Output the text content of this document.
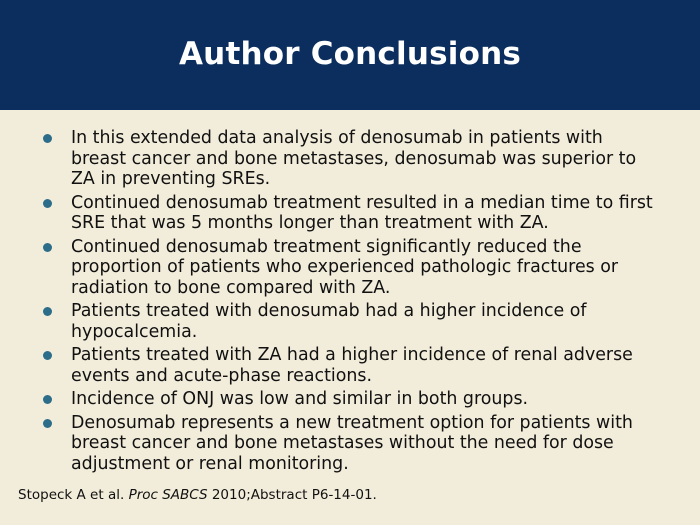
Author Conclusions
In this extended data analysis of denosumab in patients with breast cancer and bone metastases, denosumab was superior to ZA in preventing SREs.
Continued denosumab treatment resulted in a median time to first SRE that was 5 months longer than treatment with ZA.
Continued denosumab treatment significantly reduced the proportion of patients who experienced pathologic fractures or radiation to bone compared with ZA.
Patients treated with denosumab had a higher incidence of hypocalcemia.
Patients treated with ZA had a higher incidence of renal adverse events and acute-phase reactions.
Incidence of ONJ was low and similar in both groups.
Denosumab represents a new treatment option for patients with breast cancer and bone metastases without the need for dose adjustment or renal monitoring.
Stopeck A et al. Proc SABCS 2010;Abstract P6-14-01.
